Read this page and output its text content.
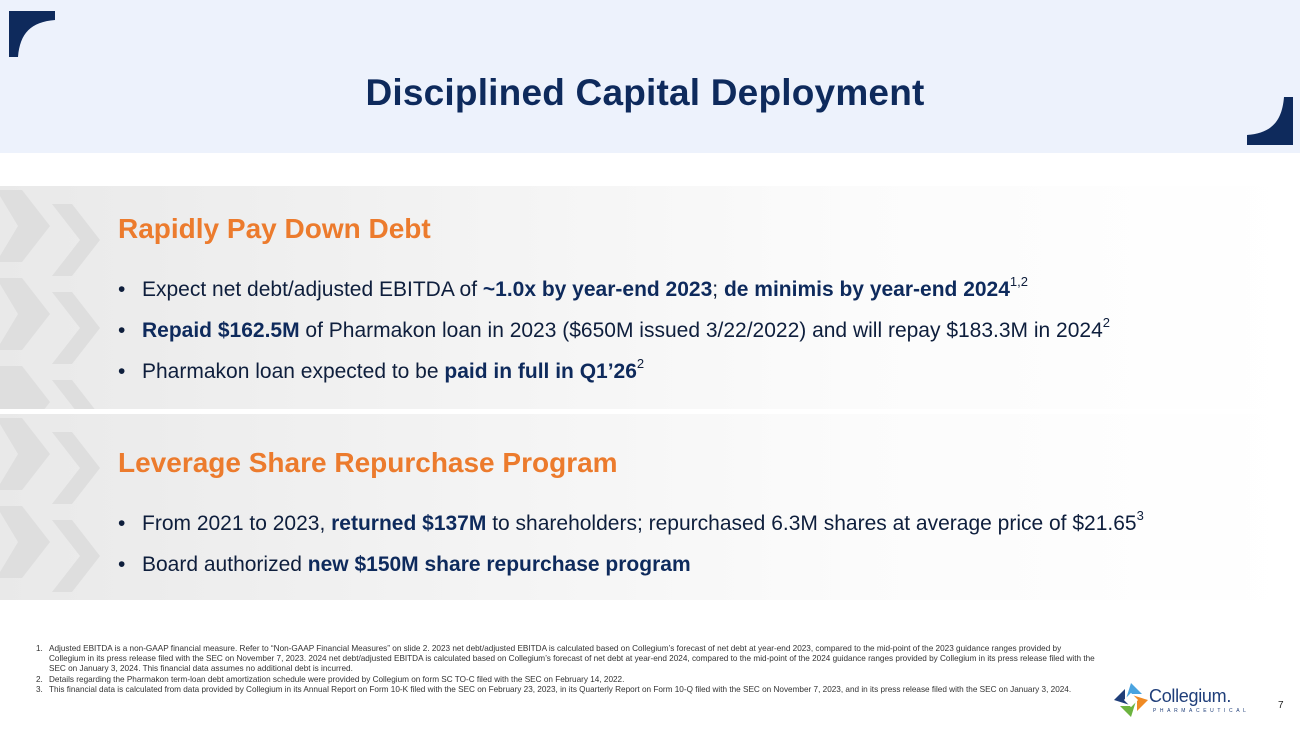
Disciplined Capital Deployment
Rapidly Pay Down Debt
• Expect net debt/adjusted EBITDA of ~1.0x by year-end 2023; de minimis by year-end 2024$^{1,2}$
• Repaid $162.5M of Pharmakon loan in 2023 ($650M issued 3/22/2022) and will repay $183.3M in 2024$^2$
• Pharmakon loan expected to be paid in full in $Q1’26^2$
Leverage Share Repurchase Program
• From 2021 to 2023, returned $137M to shareholders; repurchased 6.3M shares at average price of $21.65$^3$
• Board authorized new $150M share repurchase program
1. Adjusted EBITDA is a non-GAAP financial measure. Refer to “Non-GAAP Financial Measures” on slide 2. 2023 net debt/adjusted EBITDA is calculated based on Collegium’s forecast of net debt at year-end 2023, compared to the mid-point of the 2023 guidance ranges provided by Collegium in its press release filed with the SEC on November 7, 2023. 2024 net debt/adjusted EBITDA is calculated based on Collegium’s forecast of net debt at year-end 2024, compared to the mid-point of the 2024 guidance ranges provided by Collegium in its press release filed with the SEC on January 3, 2024. This financial data assumes no additional debt is incurred.
2. Details regarding the Pharmakon term-loan debt amortization schedule were provided by Collegium on form SC TO-C filed with the SEC on February 14, 2022.
3. This financial data is calculated from data provided by Collegium in its Annual Report on Form 10-K filed with the SEC on February 23, 2023, in its Quarterly Report on Form 10-Q filed with the SEC on November 7, 2023, and in its press release filed with the SEC on January 3, 2024.	Collegium.
PHARMACEUTICAL	7
